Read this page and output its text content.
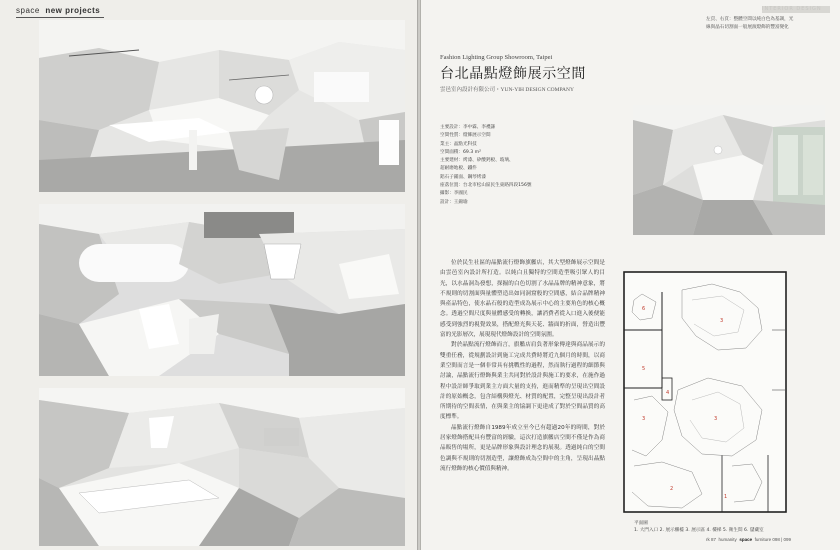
space new projects	INTERIOR DESIGN
左頁、右頁：整體空間以純白色為基調，光
線與晶石切割面一般展演燈飾的豐富變化
Fashion Lighting Group Showroom, Taipei
台北晶點燈飾展示空間
雲邑室內設計有限公司・YUN-YIH DESIGN COMPANY
主要設計：李中霖、李禮謙
空間性質：燈飾展示空間
業主：晶點光科技
空間面積：69.3 m²
主要建材：烤漆、矽酸鈣板、玻璃、
超耐磨地板、鐵件
鋁石子鋪面、鋼琴烤漆
座落位置：台北市松山區民生東路四段156號
攝影：李國民
設計：王錦瑜

位於民生社區的晶點流行燈飾旗艦店，其大型燈飾展示空間是由雲邑室內設計所打造。以純白且獨特的空間造型吸引眾人的目光，以水晶洞為發想，探掘的白色切割了水晶品牌的精神意象，將不規則的切割面與量體塑造出如同洞窟般的空間感，結合品牌精神與產品特色，使水晶石般的造型成為展示中心的主要角色的核心概念。透過空間尺度與量體感受的轉換，讓消費者從入口進入後便能感受到強烈的視覺效果，搭配燈光與天花、牆面的折面，營造出豐富的光影層次，展現現代燈飾設計的空間氛圍。

對於晶點流行燈飾而言，旗艦店肩負著形象傳達與商品展示的雙重任務，從規劃設計到施工完成共費時將近九個月的時間，以商業空間而言是一個非常具有挑戰性的過程，然而執行過程的細節與討論，晶點流行燈飾與業主共同對於設計與施工的要求，在施作過程中設計師爭取到業主方面大量的支持，進而精準的呈現出空間設計的原始概念，包含結構與燈光、材質的配置，完整呈現出設計者所期待的空間表情，在與業主的協調下更達成了對於空間品質的高度標準。

晶點流行燈飾自1989年成立至今已有超過20年的時間，對於居家燈飾搭配具有豐富的經驗，這次打造旗艦店空間不僅是作為商品販售的場所，更是品牌形象與設計理念的展現。透過純白的空間色調與不規則的切割造型，讓燈飾成為空間中的主角，呈現出晶點流行燈飾的核心價值與精神。

1
2
3
3	3
4
5
6
平面圖
1. 大門入口 2. 展示櫃檯 3. 展示區 4. 樓梯 5. 衛生間 6. 儲藏室
rk 87 humanity space furniture 098 | 099
